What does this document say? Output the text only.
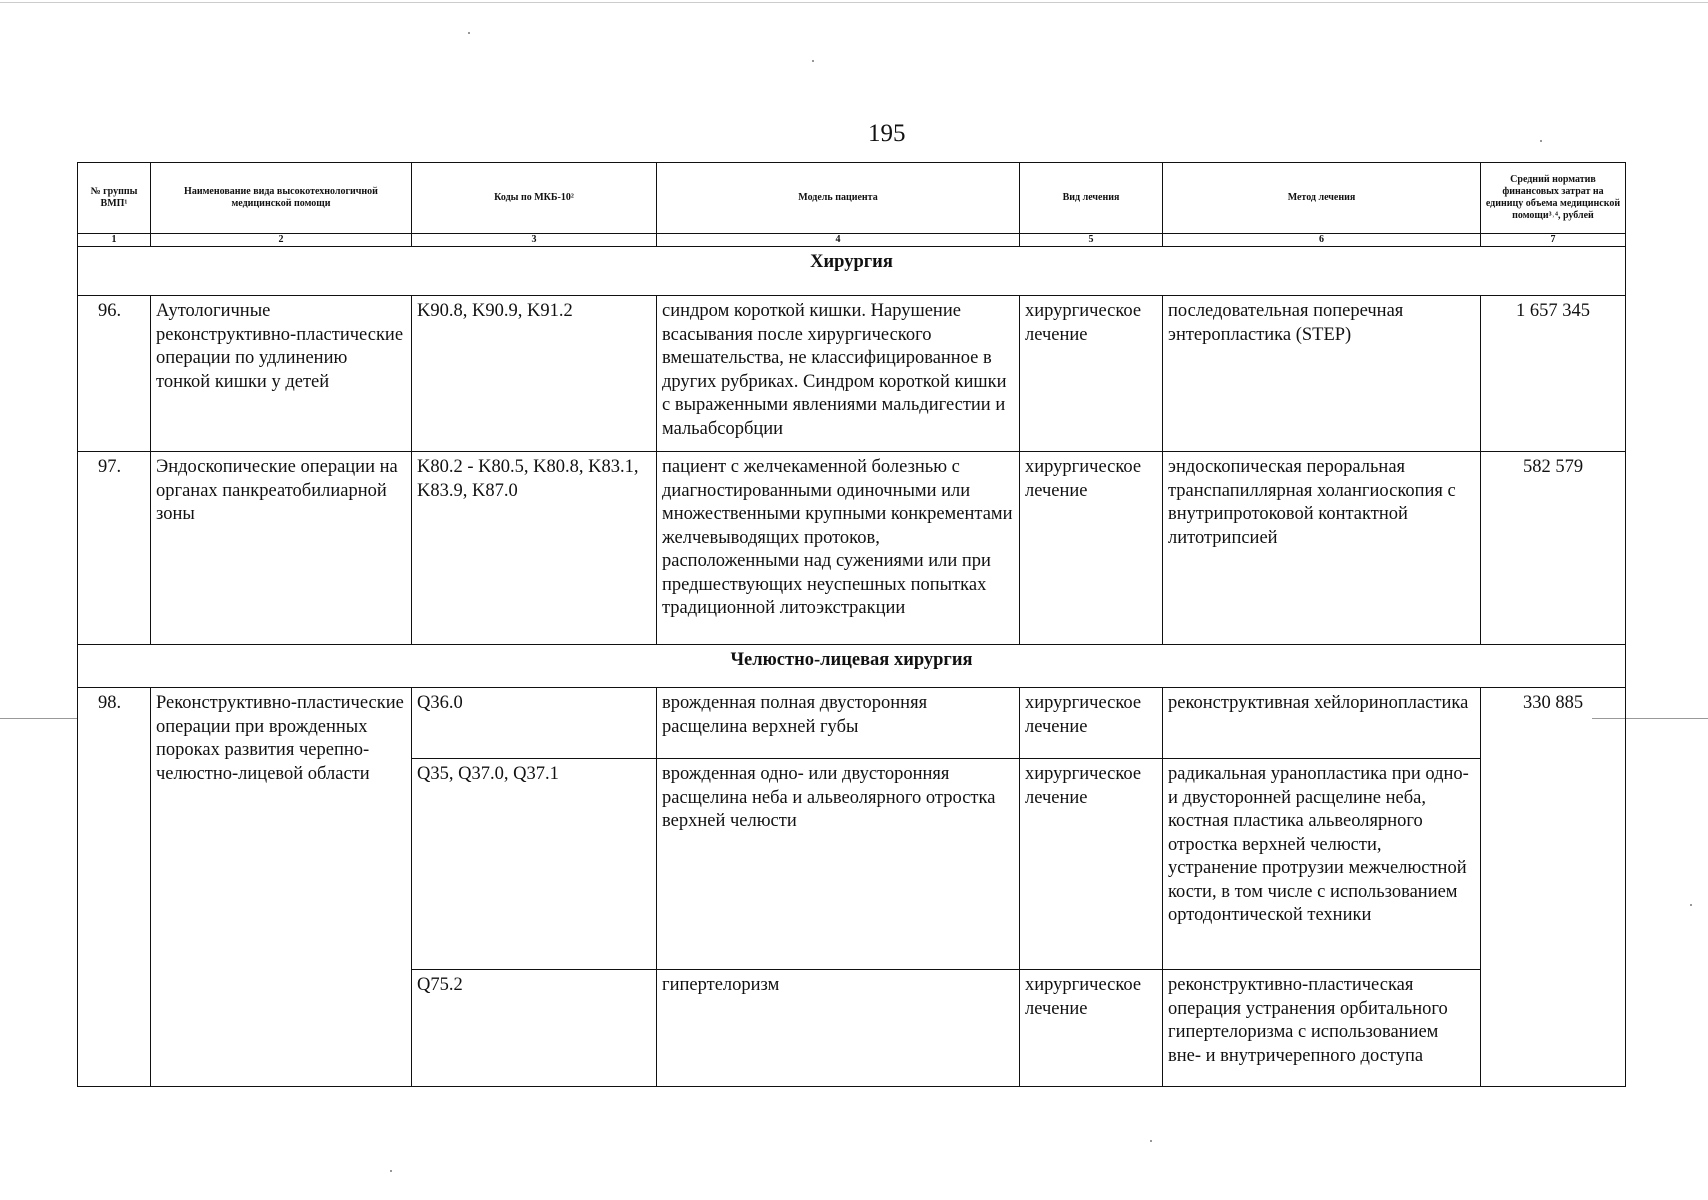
195
№ группы ВМП¹	Наименование вида высокотехнологичной медицинской помощи	Коды по МКБ-10²	Модель пациента	Вид лечения	Метод лечения	Средний норматив финансовых затрат на единицу объема медицинской помощи³˒⁴, рублей
1	2	3	4	5	6	7
Хирургия						
96.	Аутологичные реконструктивно-пластические операции по удлинению тонкой кишки у детей	K90.8, K90.9, K91.2	синдром короткой кишки. Нарушение всасывания после хирургического вмешательства, не классифицированное в других рубриках. Синдром короткой кишки с выраженными явлениями мальдигестии и мальабсорбции	хирургическое лечение	последовательная поперечная энтеропластика (STEP)	1 657 345
97.	Эндоскопические операции на органах панкреатобилиарной зоны	K80.2 - K80.5, K80.8, K83.1, K83.9, K87.0	пациент с желчекаменной болезнью с диагностированными одиночными или множественными крупными конкрементами желчевыводящих протоков, расположенными над сужениями или при предшествующих неуспешных попытках традиционной литоэкстракции	хирургическое лечение	эндоскопическая пероральная транспапиллярная холангиоскопия с внутрипротоковой контактной литотрипсией	582 579
Челюстно-лицевая хирургия						
98.	Реконструктивно-пластические операции при врожденных пороках развития черепно-челюстно-лицевой области	Q36.0	врожденная полная двусторонняя расщелина верхней губы	хирургическое лечение	реконструктивная хейлоринопластика	330 885
		Q35, Q37.0, Q37.1	врожденная одно- или двусторонняя расщелина неба и альвеолярного отростка верхней челюсти	хирургическое лечение	радикальная уранопластика при одно- и двусторонней расщелине неба, костная пластика альвеолярного отростка верхней челюсти, устранение протрузии межчелюстной кости, в том числе с использованием ортодонтической техники	
		Q75.2	гипертелоризм	хирургическое лечение	реконструктивно-пластическая операция устранения орбитального гипертелоризма с использованием вне- и внутричерепного доступа	
